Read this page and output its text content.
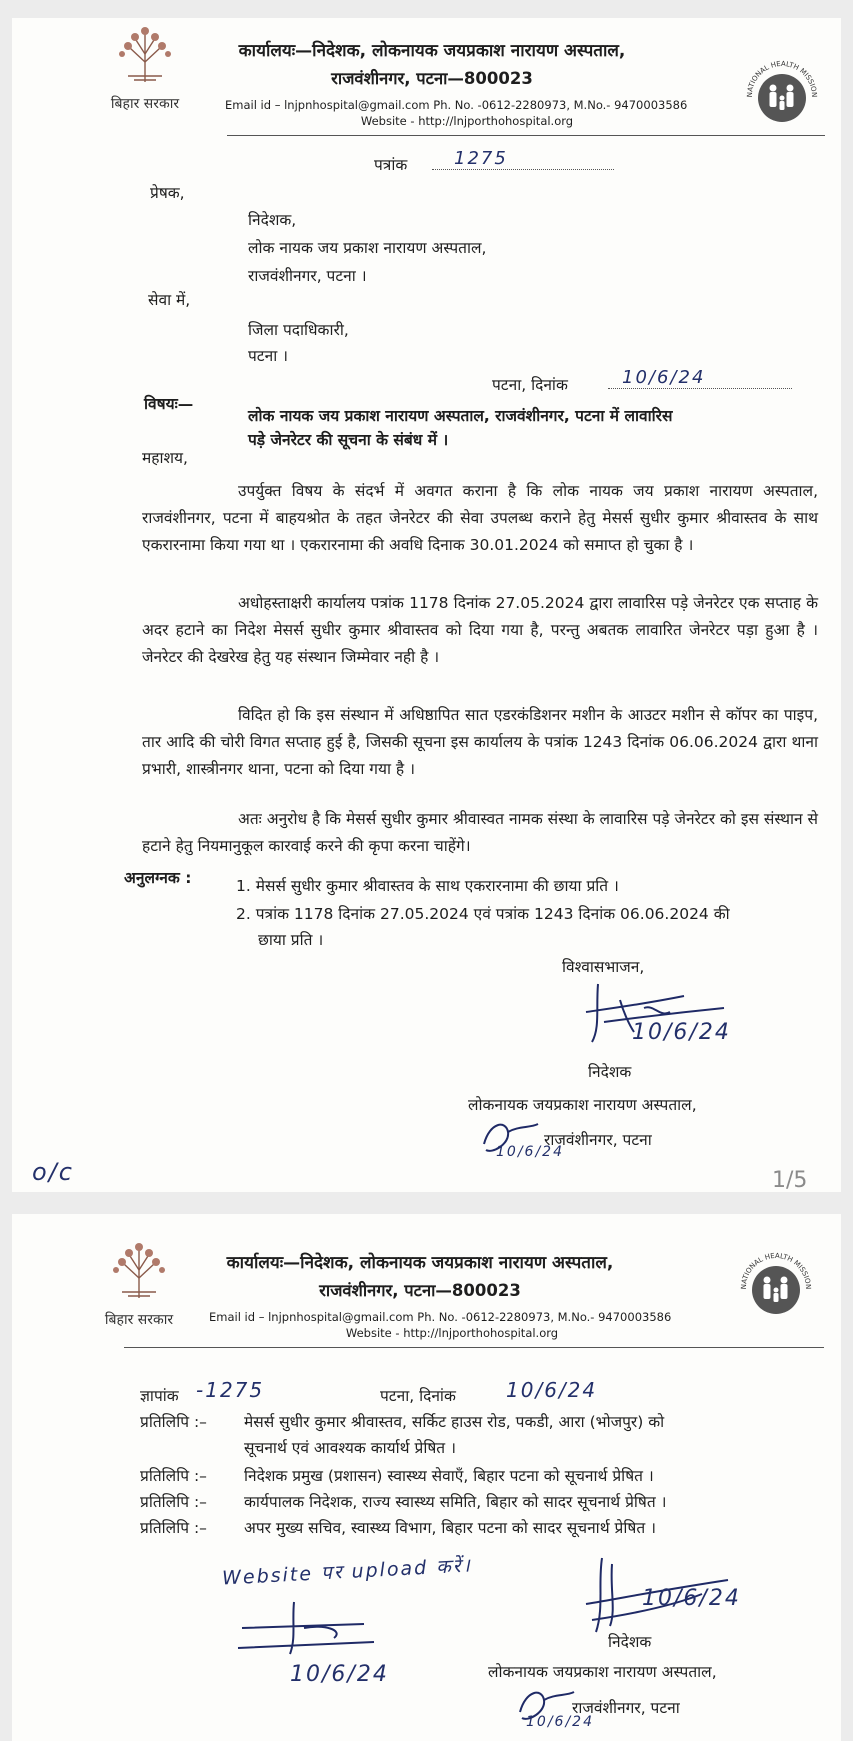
बिहार सरकार
कार्यालयः—निदेशक, लोकनायक जयप्रकाश नारायण अस्पताल,
राजवंशीनगर, पटना—800023
Email id – lnjpnhospital@gmail.com Ph. No. -0612-2280973, M.No.- 9470003586
Website - http://lnjporthohospital.org
NATIONAL HEALTH MISSION
पत्रांक	1275
प्रेषक,
निदेशक,
लोक नायक जय प्रकाश नारायण अस्पताल,
राजवंशीनगर, पटना ।
सेवा में,
जिला पदाधिकारी,
पटना ।
पटना, दिनांक	10/6/24
विषयः—
लोक नायक जय प्रकाश नारायण अस्पताल, राजवंशीनगर, पटना में लावारिस
पड़े जेनरेटर की सूचना के संबंध में ।
महाशय,
उपर्युक्त विषय के संदर्भ में अवगत कराना है कि लोक नायक जय प्रकाश नारायण अस्पताल, राजवंशीनगर, पटना में बाहयश्रोत के तहत जेनरेटर की सेवा उपलब्ध कराने हेतु मेसर्स सुधीर कुमार श्रीवास्तव के साथ एकरारनामा किया गया था । एकरारनामा की अवधि दिनाक 30.01.2024 को समाप्त हो चुका है ।
अधोहस्ताक्षरी कार्यालय पत्रांक 1178 दिनांक 27.05.2024 द्वारा लावारिस पड़े जेनरेटर एक सप्ताह के अदर हटाने का निदेश मेसर्स सुधीर कुमार श्रीवास्तव को दिया गया है, परन्तु अबतक लावारित जेनरेटर पड़ा हुआ है । जेनरेटर की देखरेख हेतु यह संस्थान जिम्मेवार नही है ।
विदित हो कि इस संस्थान में अधिष्ठापित सात एडरकंडिशनर मशीन के आउटर मशीन से कॉपर का पाइप, तार आदि की चोरी विगत सप्ताह हुई है, जिसकी सूचना इस कार्यालय के पत्रांक 1243 दिनांक 06.06.2024 द्वारा थाना प्रभारी, शास्त्रीनगर थाना, पटना को दिया गया है ।
अतः अनुरोध है कि मेसर्स सुधीर कुमार श्रीवास्वत नामक संस्था के लावारिस पड़े जेनरेटर को इस संस्थान से हटाने हेतु नियमानुकूल कारवाई करने की कृपा करना चाहेंगे।
अनुलग्नक :	1. मेसर्स सुधीर कुमार श्रीवास्तव के साथ एकरारनामा की छाया प्रति ।
2. पत्रांक 1178 दिनांक 27.05.2024 एवं पत्रांक 1243 दिनांक 06.06.2024 की
छाया प्रति ।
विश्वासभाजन,
10/6/24
निदेशक
लोकनायक जयप्रकाश नारायण अस्पताल,
10/6/24
राजवंशीनगर, पटना
o/c	1/5
बिहार सरकार
कार्यालयः—निदेशक, लोकनायक जयप्रकाश नारायण अस्पताल,
राजवंशीनगर, पटना—800023
Email id – lnjpnhospital@gmail.com Ph. No. -0612-2280973, M.No.- 9470003586
Website - http://lnjporthohospital.org
NATIONAL HEALTH MISSION
ज्ञापांक -1275	पटना, दिनांक	10/6/24
प्रतिलिपि :– मेसर्स सुधीर कुमार श्रीवास्तव, सर्किट हाउस रोड, पकडी, आरा (भोजपुर) को
सूचनार्थ एवं आवश्यक कार्यार्थ प्रेषित ।
प्रतिलिपि :– निदेशक प्रमुख (प्रशासन) स्वास्थ्य सेवाएँ, बिहार पटना को सूचनार्थ प्रेषित ।
प्रतिलिपि :– कार्यपालक निदेशक, राज्य स्वास्थ्य समिति, बिहार को सादर सूचनार्थ प्रेषित ।
प्रतिलिपि :– अपर मुख्य सचिव, स्वास्थ्य विभाग, बिहार पटना को सादर सूचनार्थ प्रेषित ।
Website पर upload करें।
10/6/24
10/6/24
निदेशक
लोकनायक जयप्रकाश नारायण अस्पताल,
10/6/24
राजवंशीनगर, पटना
